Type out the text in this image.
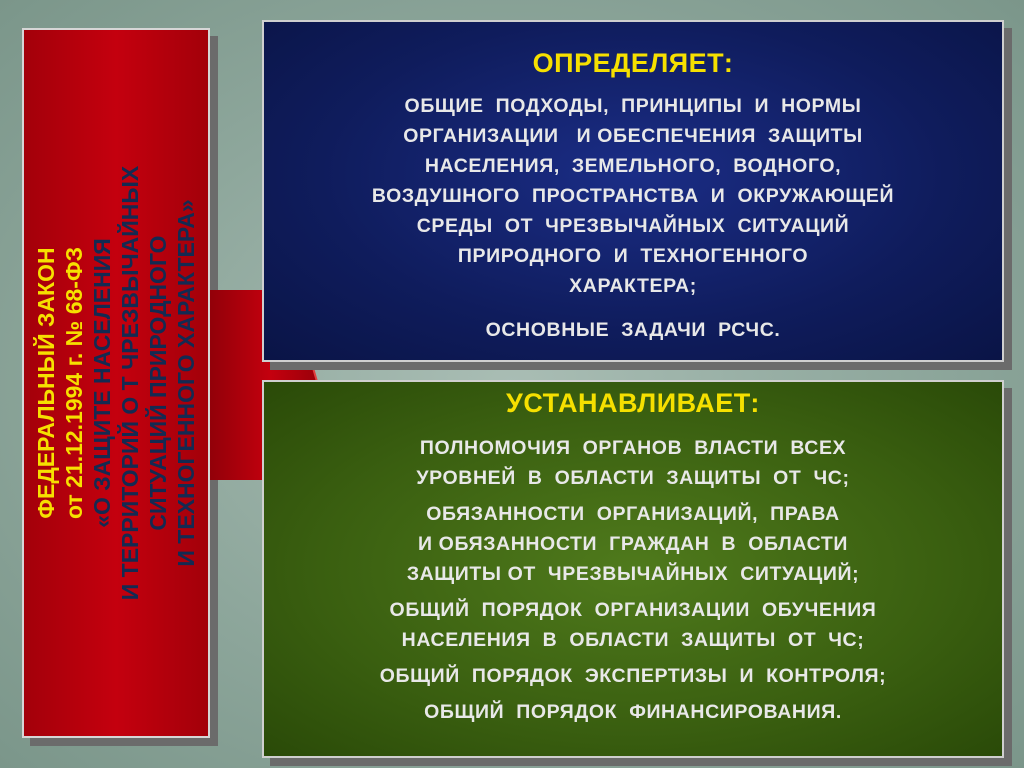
ФЕДЕРАЛЬНЫЙ ЗАКОН от 21.12.1994 г. № 68-ФЗ «О ЗАЩИТЕ НАСЕЛЕНИЯ И ТЕРРИТОРИЙ О Т ЧРЕЗВЫЧАЙНЫХ СИТУАЦИЙ ПРИРОДНОГО И ТЕХНОГЕННОГО ХАРАКТЕРА»
ОПРЕДЕЛЯЕТ:
ОБЩИЕ  ПОДХОДЫ,  ПРИНЦИПЫ  И  НОРМЫ
ОРГАНИЗАЦИИ   И ОБЕСПЕЧЕНИЯ  ЗАЩИТЫ
НАСЕЛЕНИЯ,  ЗЕМЕЛЬНОГО,  ВОДНОГО,
ВОЗДУШНОГО  ПРОСТРАНСТВА  И  ОКРУЖАЮЩЕЙ
СРЕДЫ  ОТ  ЧРЕЗВЫЧАЙНЫХ  СИТУАЦИЙ
ПРИРОДНОГО  И  ТЕХНОГЕННОГО
ХАРАКТЕРА;
ОСНОВНЫЕ  ЗАДАЧИ  РСЧС.
УСТАНАВЛИВАЕТ:
ПОЛНОМОЧИЯ  ОРГАНОВ  ВЛАСТИ  ВСЕХ
УРОВНЕЙ  В  ОБЛАСТИ  ЗАЩИТЫ  ОТ  ЧС;
ОБЯЗАННОСТИ  ОРГАНИЗАЦИЙ,  ПРАВА
И ОБЯЗАННОСТИ  ГРАЖДАН  В  ОБЛАСТИ
ЗАЩИТЫ ОТ  ЧРЕЗВЫЧАЙНЫХ  СИТУАЦИЙ;
ОБЩИЙ  ПОРЯДОК  ОРГАНИЗАЦИИ  ОБУЧЕНИЯ
НАСЕЛЕНИЯ  В  ОБЛАСТИ  ЗАЩИТЫ  ОТ  ЧС;
ОБЩИЙ  ПОРЯДОК  ЭКСПЕРТИЗЫ  И  КОНТРОЛЯ;
ОБЩИЙ  ПОРЯДОК  ФИНАНСИРОВАНИЯ.
